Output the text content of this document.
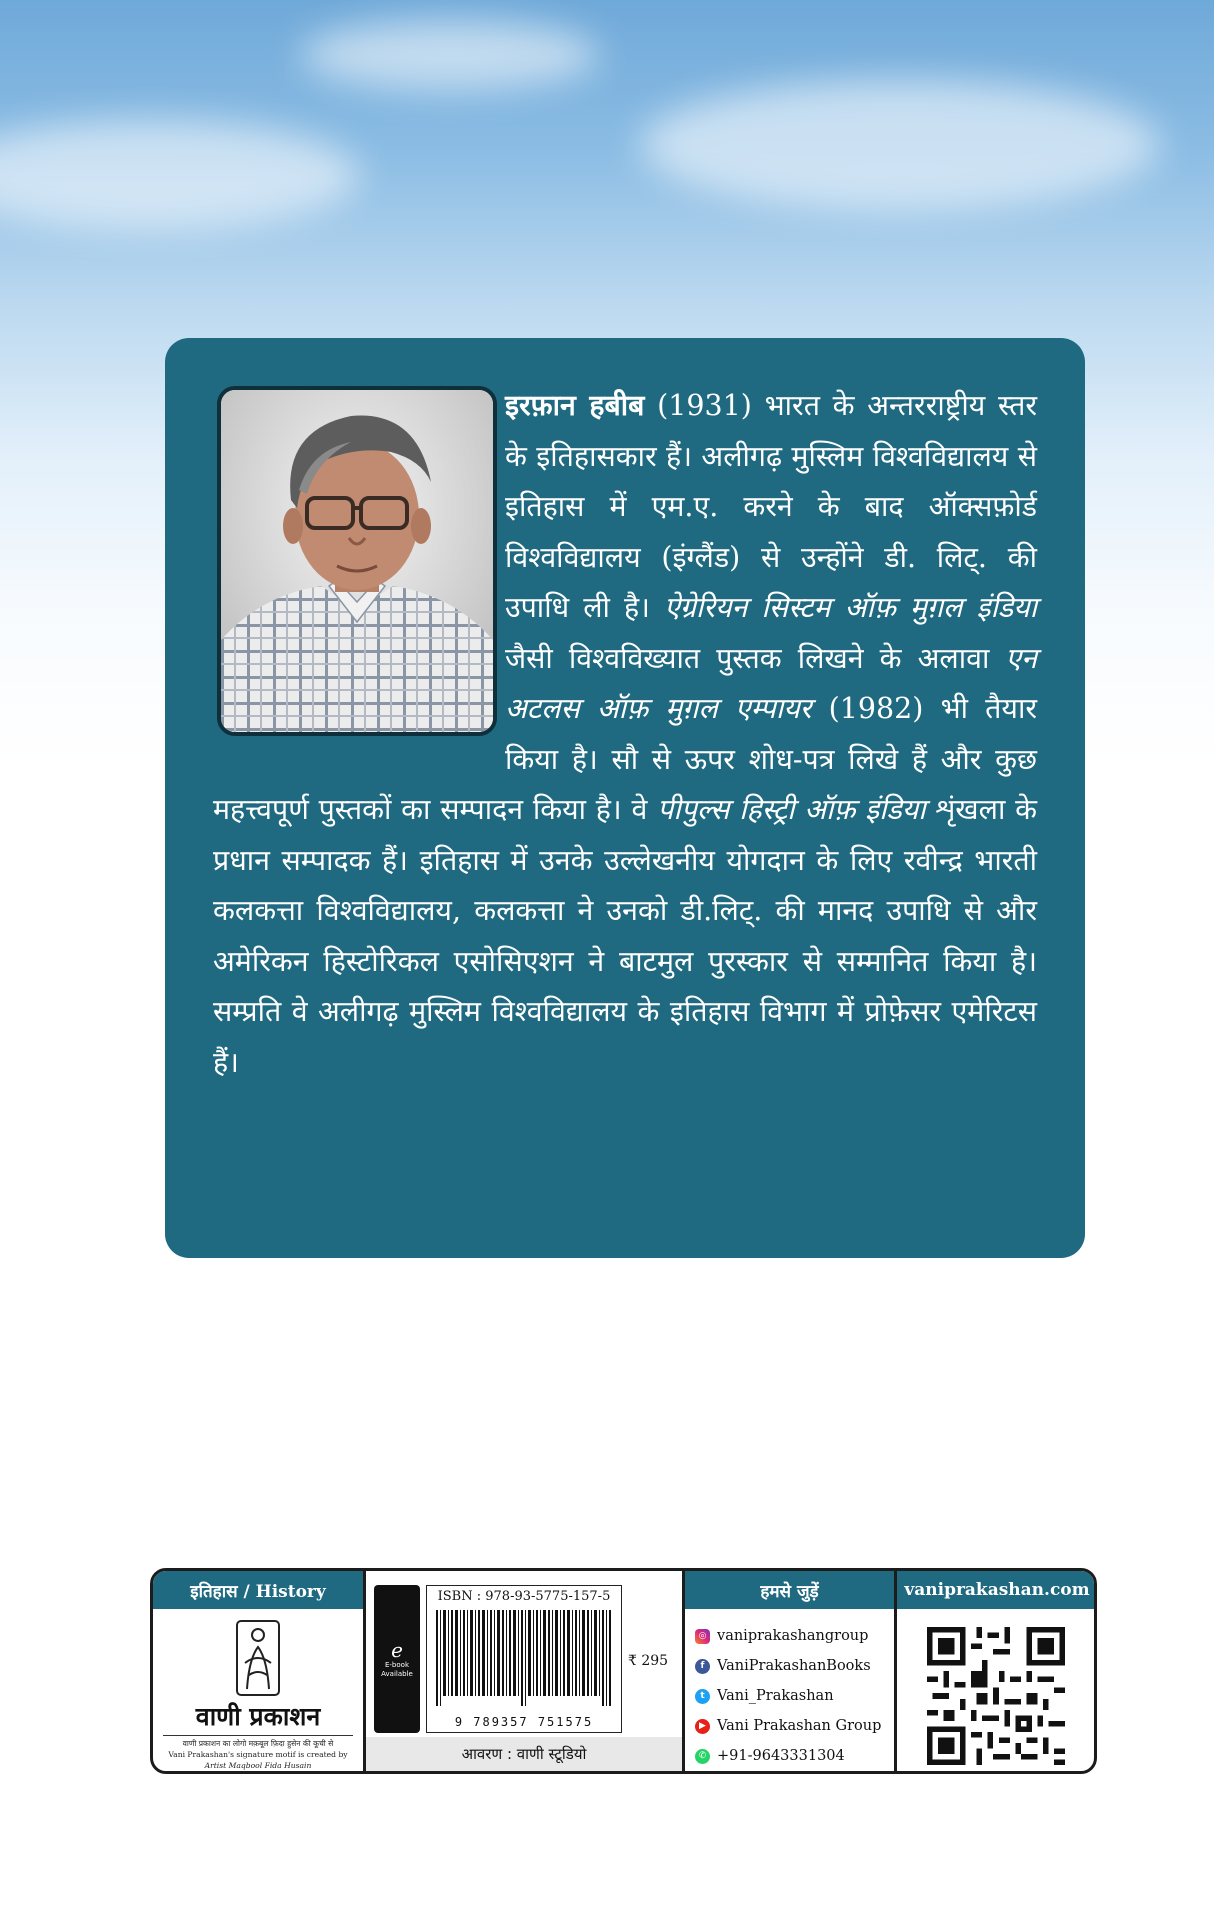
इरफ़ान हबीब (1931) भारत के अन्तरराष्ट्रीय स्तर के इतिहासकार हैं। अलीगढ़ मुस्लिम विश्वविद्यालय से इतिहास में एम.ए. करने के बाद ऑक्सफ़ोर्ड विश्वविद्यालय (इंग्लैंड) से उन्होंने डी. लिट्. की उपाधि ली है। ऐग्रेरियन सिस्टम ऑफ़ मुग़ल इंडिया जैसी विश्वविख्यात पुस्तक लिखने के अलावा एन अटलस ऑफ़ मुग़ल एम्पायर (1982) भी तैयार किया है। सौ से ऊपर शोध-पत्र लिखे हैं और कुछ महत्त्वपूर्ण पुस्तकों का सम्पादन किया है। वे पीपुल्स हिस्ट्री ऑफ़ इंडिया शृंखला के प्रधान सम्पादक हैं। इतिहास में उनके उल्लेखनीय योगदान के लिए रवीन्द्र भारती कलकत्ता विश्वविद्यालय, कलकत्ता ने उनको डी.लिट्. की मानद उपाधि से और अमेरिकन हिस्टोरिकल एसोसिएशन ने बाटमुल पुरस्कार से सम्मानित किया है। सम्प्रति वे अलीगढ़ मुस्लिम विश्वविद्यालय के इतिहास विभाग में प्रोफ़ेसर एमेरिटस हैं।

इतिहास / History
वाणी प्रकाशन
वाणी प्रकाशन का लोगो मक़बूल फ़िदा हुसेन की कूची से
Vani Prakashan's signature motif is created by
Artist Maqbool Fida Husain
e
E-book
Available
ISBN : 978-93-5775-157-5
9 789357 751575
₹ 295
आवरण : वाणी स्टूडियो
हमसे जुड़ें
◎ vaniprakashangroup
f VaniPrakashanBooks
t Vani_Prakashan
▶ Vani Prakashan Group
✆ +91-9643331304
vaniprakashan.com
